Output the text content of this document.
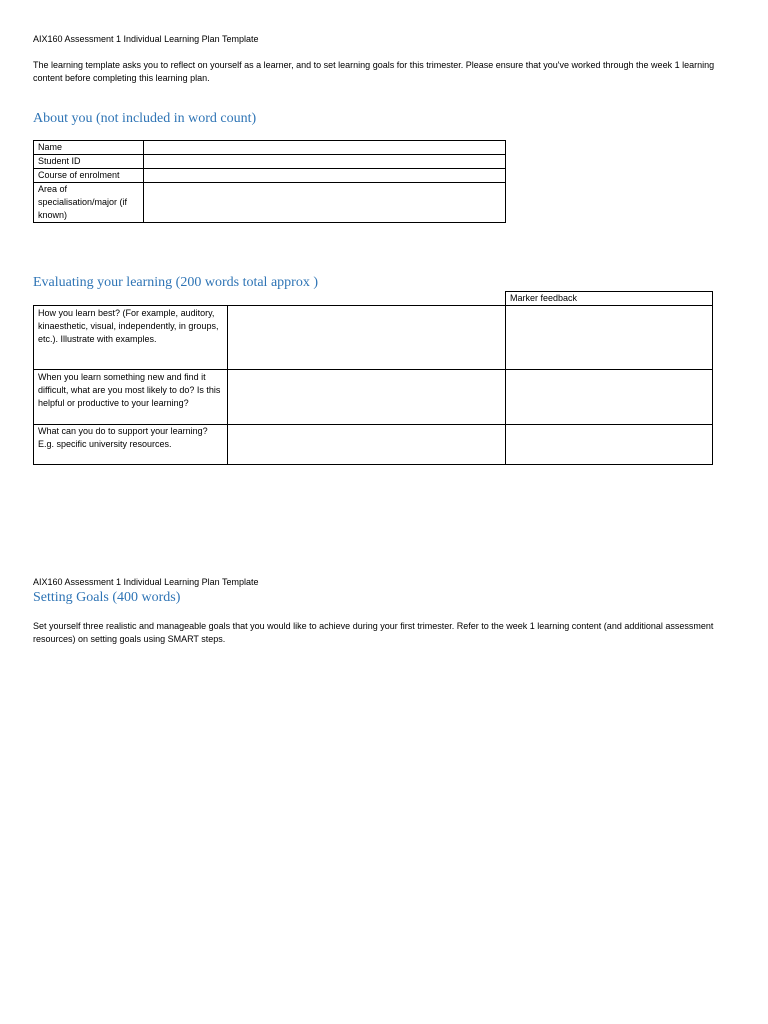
AIX160 Assessment 1 Individual Learning Plan Template
The learning template asks you to reflect on yourself as a learner, and to set learning goals for this trimester. Please ensure that you've worked through the week 1 learning content before completing this learning plan.
About you (not included in word count)
Name	
Student ID	
Course of enrolment	
Area of specialisation/major (if known)	
Evaluating your learning (200 words total approx )
		Marker feedback
How you learn best? (For example, auditory, kinaesthetic, visual, independently, in groups, etc.). Illustrate with examples.		
When you learn something new and find it difficult, what are you most likely to do? Is this helpful or productive to your learning?		
What can you do to support your learning? E.g. specific university resources.		
AIX160 Assessment 1 Individual Learning Plan Template
Setting Goals (400 words)
Set yourself three realistic and manageable goals that you would like to achieve during your first trimester. Refer to the week 1 learning content (and additional assessment resources) on setting goals using SMART steps.
